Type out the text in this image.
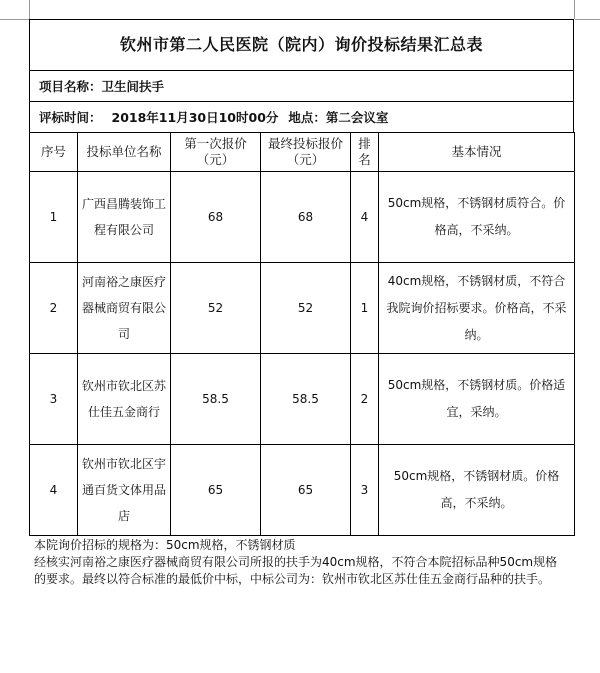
钦州市第二人民医院（院内）询价投标结果汇总表
项目名称：卫生间扶手
评标时间： 2018年11月30日10时00分 地点：第二会议室
序号	投标单位名称	第一次报价（元）	最终投标报价（元）	排名	基本情况
1	广西昌腾装饰工程有限公司	68	68	4	50cm规格，不锈钢材质符合。价格高，不采纳。
2	河南裕之康医疗器械商贸有限公司	52	52	1	40cm规格，不锈钢材质，不符合我院询价招标要求。价格高，不采纳。
3	钦州市钦北区苏仕佳五金商行	58.5	58.5	2	50cm规格，不锈钢材质。价格适宜，采纳。
4	钦州市钦北区宇通百货文体用品店	65	65	3	50cm规格，不锈钢材质。价格高，不采纳。

本院询价招标的规格为：50cm规格，不锈钢材质

经核实河南裕之康医疗器械商贸有限公司所报的扶手为40cm规格，不符合本院招标品种50cm规格的要求。最终以符合标准的最低价中标，中标公司为：钦州市钦北区苏仕佳五金商行品种的扶手。
